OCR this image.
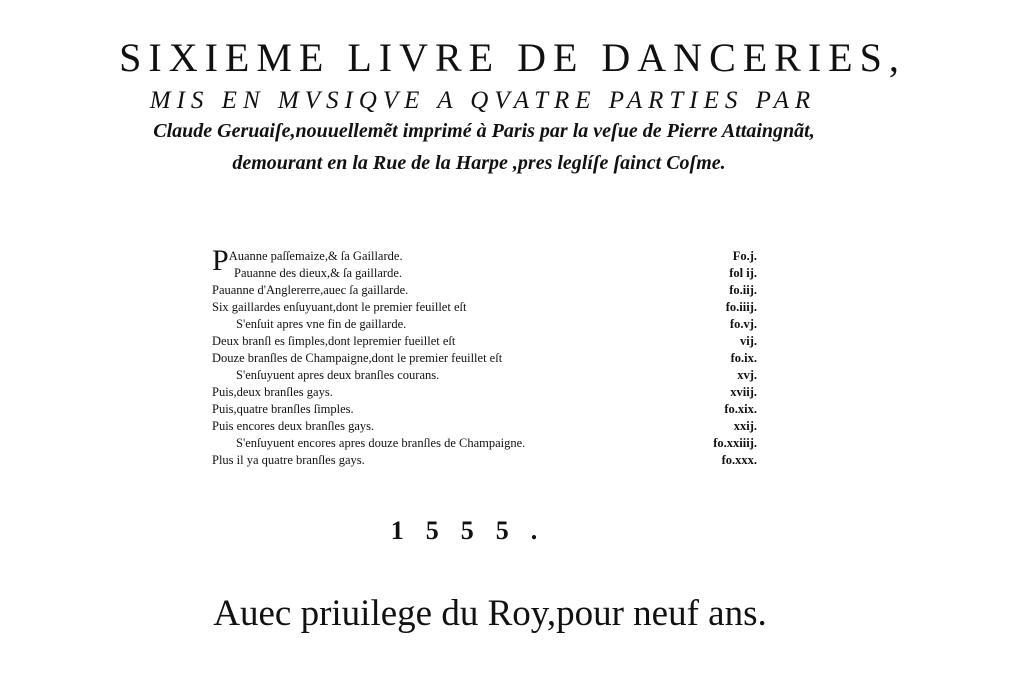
SIXIEME LIVRE DE DANCERIES,
MIS EN MVSIQVE A QVATRE PARTIES PAR
Claude Geruaiſe,nouuellemẽt imprimé à Paris par la veſue de Pierre Attaingnãt,
demourant en la Rue de la Harpe ,pres leglíſe ſainct Coſme.
PAuanne paſſemaize,& ſa Gaillarde.	Fo.j.
Pauanne des dieux,& ſa gaillarde.	fol ij.
Pauanne d'Anglererre,auec ſa gaillarde.	fo.iij.
Six gaillardes enſuyuant,dont le premier feuillet eſt	fo.iiij.
S'enſuit apres vne fin de gaillarde.	fo.vj.
Deux branſl es ſimples,dont lepremier fueillet eſt	vij.
Douze branſles de Champaigne,dont le premier feuillet eſt	fo.ix.
S'enſuyuent apres deux branſles courans.	xvj.
Puis,deux branſles gays.	xviij.
Puis,quatre branſles ſimples.	fo.xix.
Puis encores deux branſles gays.	xxij.
S'enſuyuent encores apres douze branſles de Champaigne.	fo.xxiiij.
Plus il ya quatre branſles gays.	fo.xxx.
1555.
Auec priuilege du Roy,pour neuf ans.
